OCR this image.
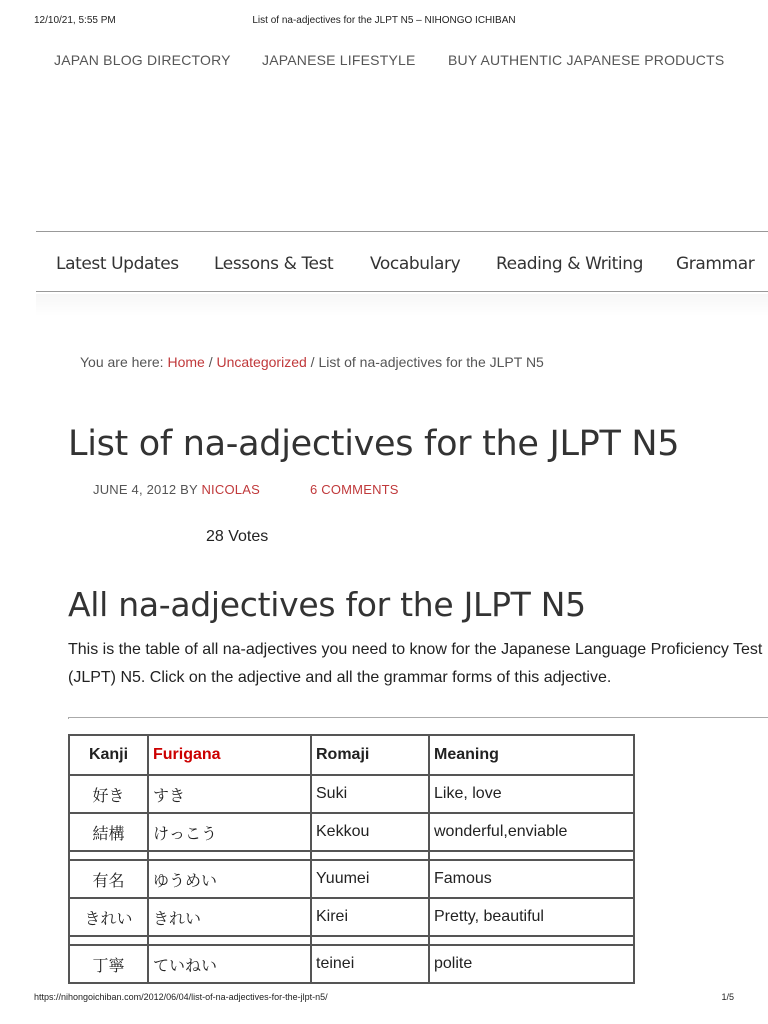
12/10/21, 5:55 PM	List of na-adjectives for the JLPT N5 – NIHONGO ICHIBAN
JAPAN BLOG DIRECTORY JAPANESE LIFESTYLE BUY AUTHENTIC JAPANESE PRODUCTS
Latest Updates Lessons & Test Vocabulary Reading & Writing Grammar
You are here: Home / Uncategorized / List of na-adjectives for the JLPT N5
List of na-adjectives for the JLPT N5
JUNE 4, 2012 BY NICOLAS	6 COMMENTS
28 Votes
All na-adjectives for the JLPT N5
This is the table of all na-adjectives you need to know for the Japanese Language Proficiency Test
(JLPT) N5. Click on the adjective and all the grammar forms of this adjective.
Kanji	Furigana	Romaji	Meaning
好き	すき	Suki	Like, love
結構	けっこう	Kekkou	wonderful,enviable

有名	ゆうめい	Yuumei	Famous
きれい	きれい	Kirei	Pretty, beautiful

丁寧	ていねい	teinei	polite
https://nihongoichiban.com/2012/06/04/list-of-na-adjectives-for-the-jlpt-n5/	1/5
